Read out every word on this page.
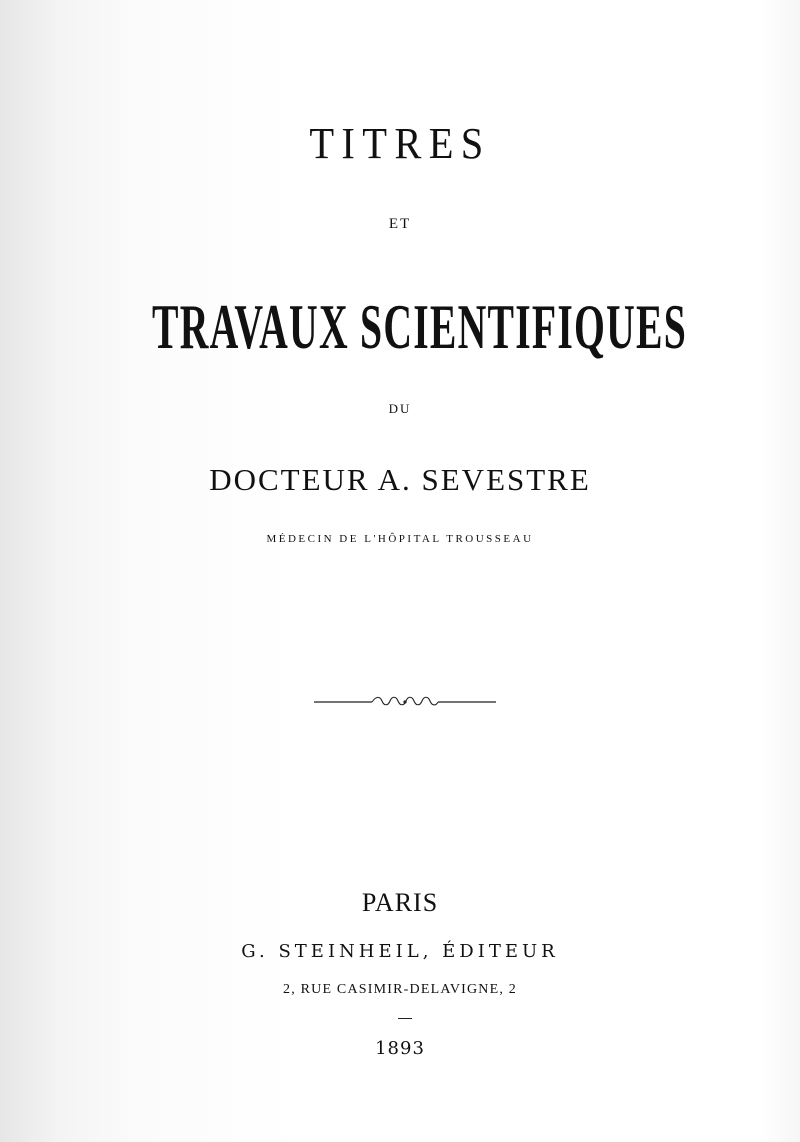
TITRES
ET
TRAVAUX SCIENTIFIQUES
DU
DOCTEUR A. SEVESTRE
MÉDECIN DE L'HÔPITAL TROUSSEAU
PARIS
G. STEINHEIL, ÉDITEUR
2, RUE CASIMIR-DELAVIGNE, 2
1893
